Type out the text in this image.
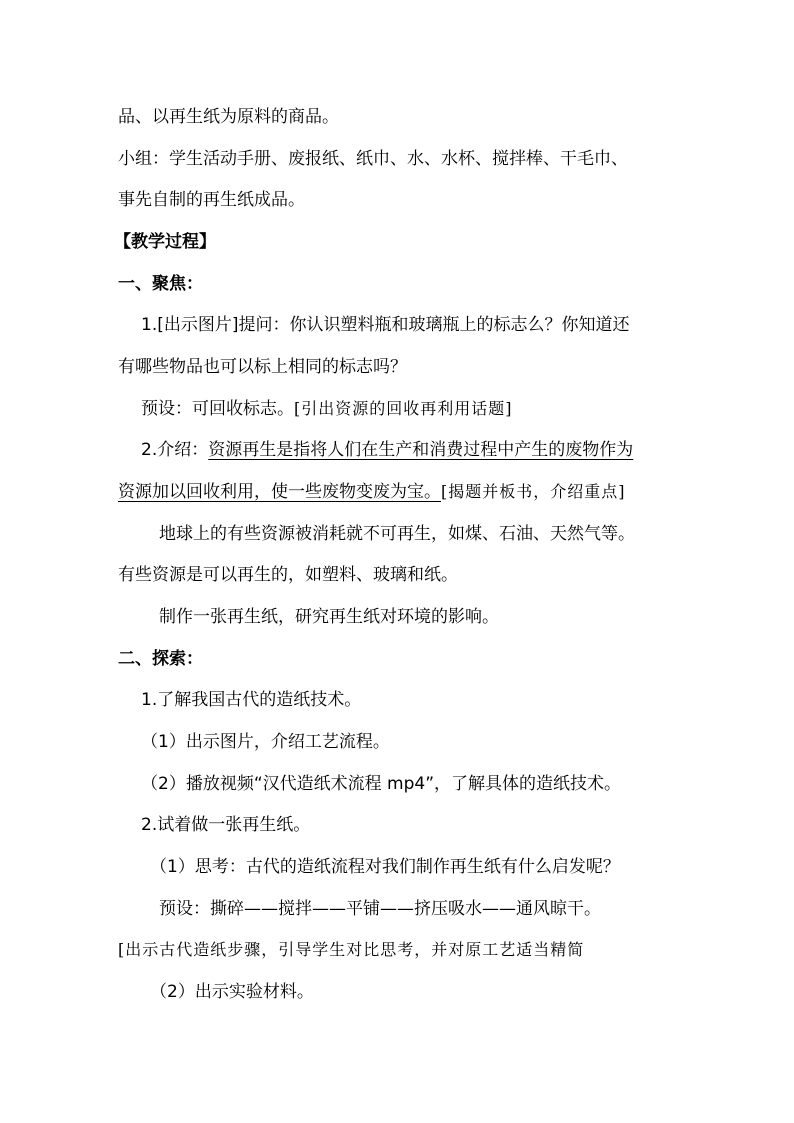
品、以再生纸为原料的商品。

小组：学生活动手册、废报纸、纸巾、水、水杯、搅拌棒、干毛巾、

事先自制的再生纸成品。

【教学过程】

一、聚焦：

1.[出示图片]提问：你认识塑料瓶和玻璃瓶上的标志么？你知道还

有哪些物品也可以标上相同的标志吗？

预设：可回收标志。[引出资源的回收再利用话题]

2.介绍：资源再生是指将人们在生产和消费过程中产生的废物作为

资源加以回收利用，使一些废物变废为宝。[揭题并板书，介绍重点]

地球上的有些资源被消耗就不可再生，如煤、石油、天然气等。

有些资源是可以再生的，如塑料、玻璃和纸。

制作一张再生纸，研究再生纸对环境的影响。

二、探索：

1.了解我国古代的造纸技术。

（1）出示图片，介绍工艺流程。

（2）播放视频“汉代造纸术流程 mp4”，了解具体的造纸技术。

2.试着做一张再生纸。

（1）思考：古代的造纸流程对我们制作再生纸有什么启发呢？

预设：撕碎——搅拌——平铺——挤压吸水——通风晾干。

[出示古代造纸步骤，引导学生对比思考，并对原工艺适当精简

（2）出示实验材料。
